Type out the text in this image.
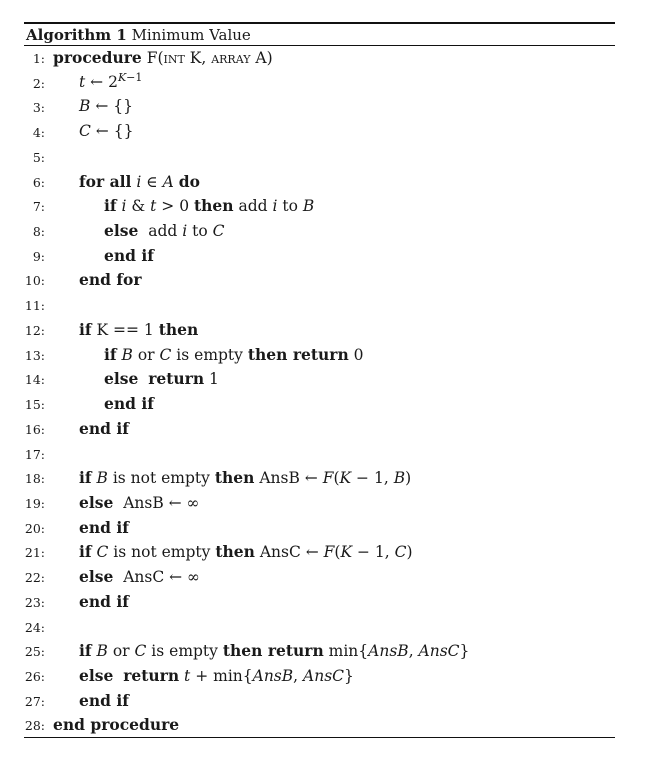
Algorithm 1 Minimum Value
1: procedure F(int K, array A)
2: t ← $2^{K-1}$
3: B ← {}
4: C ← {}
5:
6: for all i ∈ A do
7:	if i & t > 0 then add i to B
8:	else  add i to C
9:	end if
10: end for
11:
12: if K == 1 then
13:	if B or C is empty then return 0
14:	else return 1
15:	end if
16: end if
17:
18: if B is not empty then AnsB ← F(K − 1, B)
19: else  AnsB ← ∞
20: end if
21: if C is not empty then AnsC ← F(K − 1, C)
22: else  AnsC ← ∞
23: end if
24:
25: if B or C is empty then return min{AnsB, AnsC}
26: else return t + min{AnsB, AnsC}
27: end if
28: end procedure
